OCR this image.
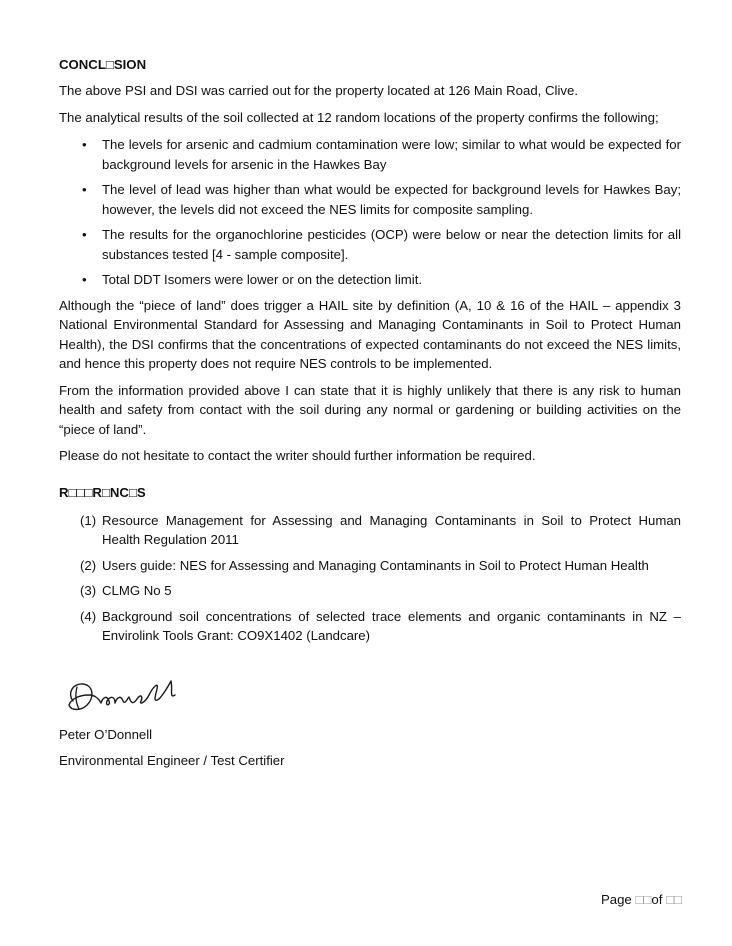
CONCL□SION

The above PSI and DSI was carried out for the property located at 126 Main Road, Clive.

The analytical results of the soil collected at 12 random locations of the property confirms the following;

• The levels for arsenic and cadmium contamination were low; similar to what would be expected for background levels for arsenic in the Hawkes Bay
• The level of lead was higher than what would be expected for background levels for Hawkes Bay; however, the levels did not exceed the NES limits for composite sampling.
• The results for the organochlorine pesticides (OCP) were below or near the detection limits for all substances tested [4 - sample composite].
• Total DDT Isomers were lower or on the detection limit.

Although the “piece of land” does trigger a HAIL site by definition (A, 10 & 16 of the HAIL – appendix 3 National Environmental Standard for Assessing and Managing Contaminants in Soil to Protect Human Health), the DSI confirms that the concentrations of expected contaminants do not exceed the NES limits, and hence this property does not require NES controls to be implemented.

From the information provided above I can state that it is highly unlikely that there is any risk to human health and safety from contact with the soil during any normal or gardening or building activities on the “piece of land”.

Please do not hesitate to contact the writer should further information be required.

R□□□R□NC□S
(1) Resource Management for Assessing and Managing Contaminants in Soil to Protect Human Health Regulation 2011
(2) Users guide: NES for Assessing and Managing Contaminants in Soil to Protect Human Health
(3) CLMG No 5
(4) Background soil concentrations of selected trace elements and organic contaminants in NZ – Envirolink Tools Grant: CO9X1402 (Landcare)
Peter O’Donnell
Environmental Engineer / Test Certifier
Page □□of □□
